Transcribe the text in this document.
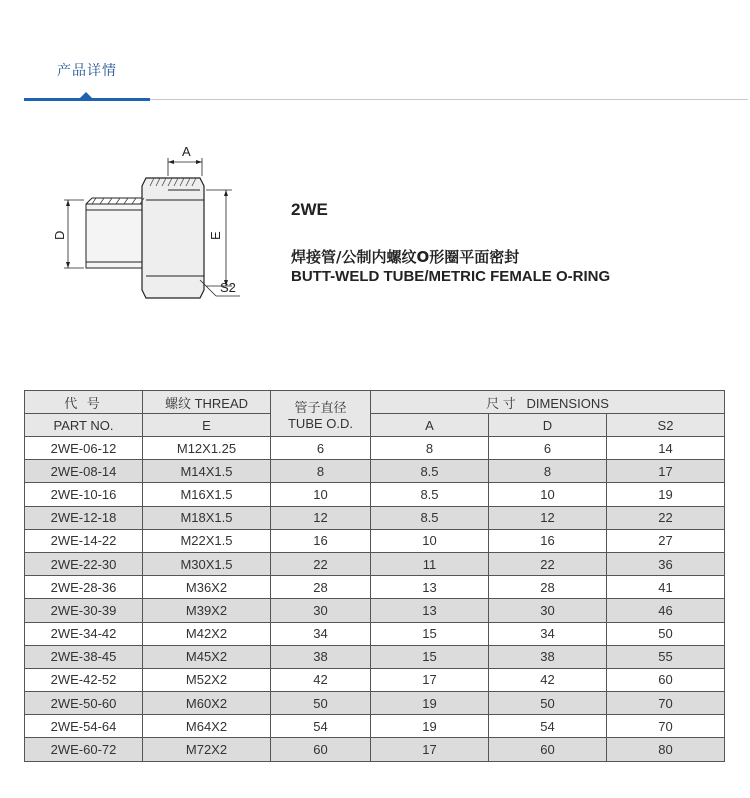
产品详情
A
D	E
S2
2WE
焊接管/公制内螺纹O形圈平面密封
BUTT-WELD TUBE/METRIC FEMALE O-RING
代 号	螺纹 THREAD	管子直径
TUBE O.D.	尺 寸   DIMENSIONS		
PART NO.	E		A	D	S2
2WE-06-12	M12X1.25	6	8	6	14
2WE-08-14	M14X1.5	8	8.5	8	17
2WE-10-16	M16X1.5	10	8.5	10	19
2WE-12-18	M18X1.5	12	8.5	12	22
2WE-14-22	M22X1.5	16	10	16	27
2WE-22-30	M30X1.5	22	11	22	36
2WE-28-36	M36X2	28	13	28	41
2WE-30-39	M39X2	30	13	30	46
2WE-34-42	M42X2	34	15	34	50
2WE-38-45	M45X2	38	15	38	55
2WE-42-52	M52X2	42	17	42	60
2WE-50-60	M60X2	50	19	50	70
2WE-54-64	M64X2	54	19	54	70
2WE-60-72	M72X2	60	17	60	80
